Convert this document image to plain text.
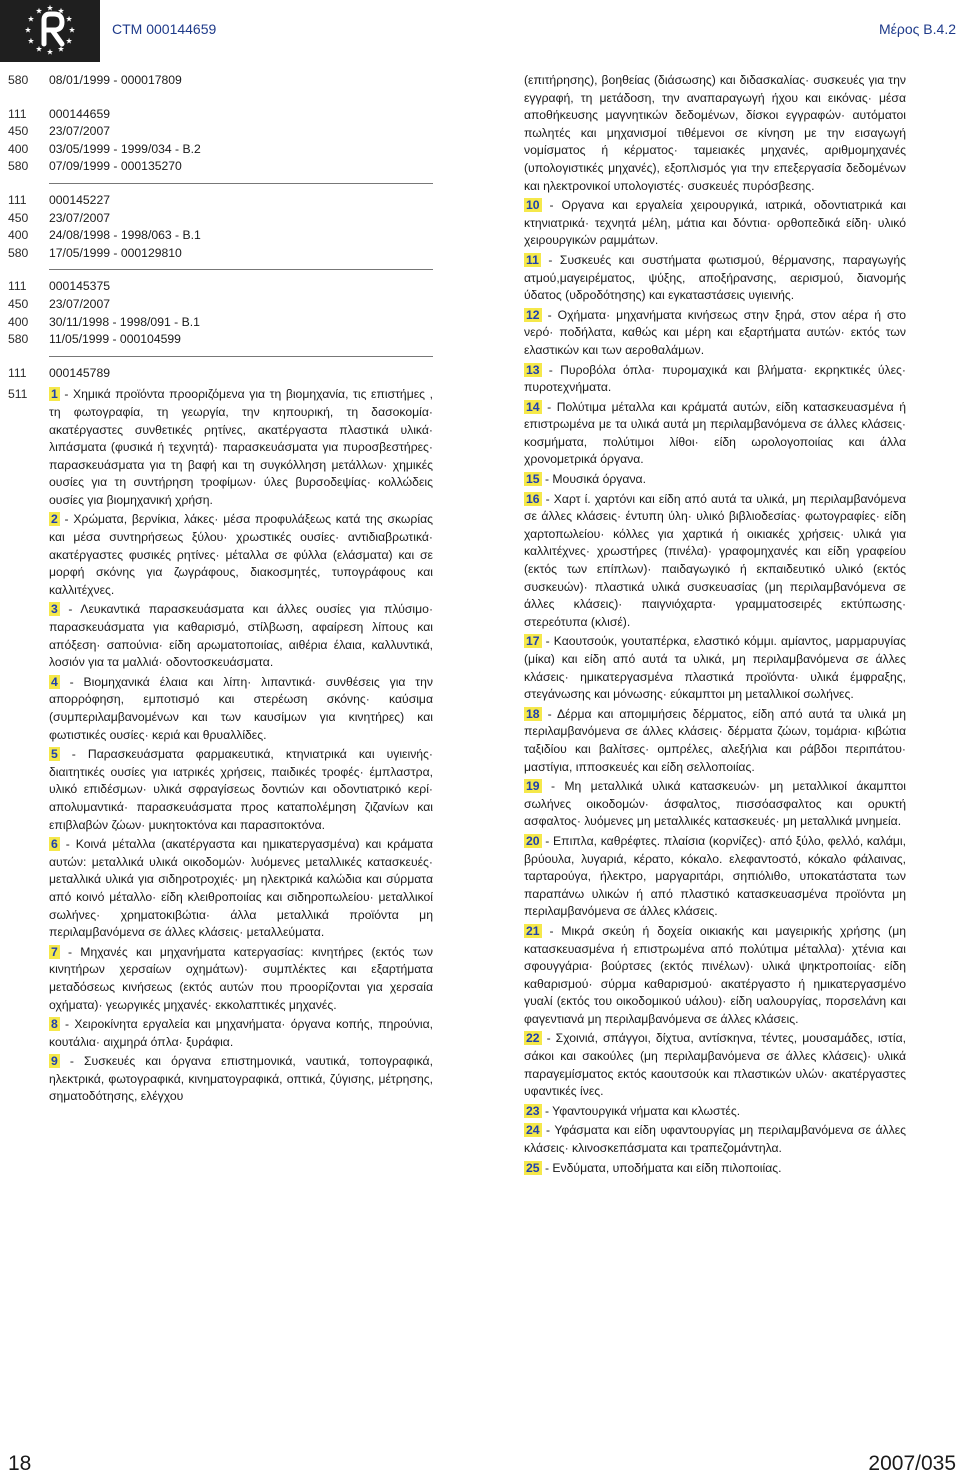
CTM 000144659	Μέρος Β.4.2
580	08/01/1999 - 000017809
111	000144659
450	23/07/2007
400	03/05/1999 - 1999/034 - B.2
580	07/09/1999 - 000135270
111	000145227
450	23/07/2007
400	24/08/1998 - 1998/063 - B.1
580	17/05/1999 - 000129810
111	000145375
450	23/07/2007
400	30/11/1998 - 1998/091 - B.1
580	11/05/1999 - 000104599
111	000145789
511	1 - Χημικά προϊόντα προοριζόμενα για τη βιομηχανία, τις επιστήμες , τη φωτογραφία, τη γεωργία, την κηπουρική, τη δασοκομία· ακατέργαστες συνθετικές ρητίνες, ακατέργαστα πλαστικά υλικά· λιπάσματα (φυσικά ή τεχνητά)· παρασκευάσματα για πυροσβεστήρες· παρασκευάσματα για τη βαφή και τη συγκόλληση μετάλλων· χημικές ουσίες για τη συντήρηση τροφίμων· ύλες βυρσοδεψίας· κολλώδεις ουσίες για βιομηχανική χρήση.
2 - Χρώματα, βερνίκια, λάκες· μέσα προφυλάξεως κατά της σκωρίας και μέσα συντηρήσεως ξύλου· χρωστικές ουσίες· αντιδιαβρωτικά· ακατέργαστες φυσικές ρητίνες· μέταλλα σε φύλλα (ελάσματα) και σε μορφή σκόνης για ζωγράφους, διακοσμητές, τυπογράφους και καλλιτέχνες.
3 - Λευκαντικά παρασκευάσματα και άλλες ουσίες για πλύσιμο· παρασκευάσματα για καθαρισμό, στίλβωση, αφαίρεση λίπους και απόξεση· σαπούνια· είδη αρωματοποιίας, αιθέρια έλαια, καλλυντικά, λοσιόν για τα μαλλιά· οδοντοσκευάσματα.
4 - Βιομηχανικά έλαια και λίπη· λιπαντικά· συνθέσεις για την απορρόφηση, εμποτισμό και στερέωση σκόνης· καύσιμα (συμπεριλαμβανομένων και των καυσίμων για κινητήρες) και φωτιστικές ουσίες· κεριά και θρυαλλίδες.
5 - Παρασκευάσματα φαρμακευτικά, κτηνιατρικά και υγιεινής· διαιτητικές ουσίες για ιατρικές χρήσεις, παιδικές τροφές· έμπλαστρα, υλικό επιδέσμων· υλικά σφραγίσεως δοντιών και οδοντιατρικό κερί· απολυμαντικά· παρασκευάσματα προς καταπολέμηση ζιζανίων και επιβλαβών ζώων· μυκητοκτόνα και παρασιτοκτόνα.
6 - Κοινά μέταλλα (ακατέργαστα και ημικατεργασμένα) και κράματα αυτών: μεταλλικά υλικά οικοδομών· λυόμενες μεταλλικές κατασκευές· μεταλλικά υλικά για σιδηροτροχιές· μη ηλεκτρικά καλώδια και σύρματα από κοινό μέταλλο· είδη κλειθροποιίας και σιδηροπωλείου· μεταλλικοί σωλήνες· χρηματοκιβώτια· άλλα μεταλλικά προϊόντα μη περιλαμβανόμενα σε άλλες κλάσεις· μεταλλεύματα.
7 - Μηχανές και μηχανήματα κατεργασίας: κινητήρες (εκτός των κινητήρων χερσαίων οχημάτων)· συμπλέκτες και εξαρτήματα μεταδόσεως κινήσεως (εκτός αυτών που προορίζονται για χερσαία οχήματα)· γεωργικές μηχανές· εκκολαπτικές μηχανές.
8 - Χειροκίνητα εργαλεία και μηχανήματα· όργανα κοπής, πηρούνια, κουτάλια· αιχμηρά όπλα· ξυράφια.
9 - Συσκευές και όργανα επιστημονικά, ναυτικά, τοπογραφικά, ηλεκτρικά, φωτογραφικά, κινηματογραφικά, οπτικά, ζύγισης, μέτρησης, σηματοδότησης, ελέγχου
(επιτήρησης), βοηθείας (διάσωσης) και διδασκαλίας· συσκευές για την εγγραφή, τη μετάδοση, την αναπαραγωγή ήχου και εικόνας· μέσα αποθήκευσης μαγνητικών δεδομένων, δίσκοι εγγραφών· αυτόματοι πωλητές και μηχανισμοί τιθέμενοι σε κίνηση με την εισαγωγή νομίσματος ή κέρματος· ταμειακές μηχανές, αριθμομηχανές (υπολογιστικές μηχανές), εξοπλισμός για την επεξεργασία δεδομένων και ηλεκτρονικοί υπολογιστές· συσκευές πυρόσβεσης.
10 - Οργανα και εργαλεία χειρουργικά, ιατρικά, οδοντιατρικά και κτηνιατρικά· τεχνητά μέλη, μάτια και δόντια· ορθοπεδικά είδη· υλικό χειρουργικών ραμμάτων.
11 - Συσκευές και συστήματα φωτισμού, θέρμανσης, παραγωγής ατμού,μαγειρέματος, ψύξης, αποξήρανσης, αερισμού, διανομής ύδατος (υδροδότησης) και εγκαταστάσεις υγιεινής.
12 - Οχήματα· μηχανήματα κινήσεως στην ξηρά, στον αέρα ή στο νερό· ποδήλατα, καθώς και μέρη και εξαρτήματα αυτών· εκτός των ελαστικών και των αεροθαλάμων.
13 - Πυροβόλα όπλα· πυρομαχικά και βλήματα· εκρηκτικές ύλες· πυροτεχνήματα.
14 - Πολύτιμα μέταλλα και κράματά αυτών, είδη κατασκευασμένα ή επιστρωμένα με τα υλικά αυτά μη περιλαμβανόμενα σε άλλες κλάσεις· κοσμήματα, πολύτιμοι λίθοι· είδη ωρολογοποιίας και άλλα χρονομετρικά όργανα.
15 - Μουσικά όργανα.
16 - Χαρτ ί. χαρτόνι και είδη από αυτά τα υλικά, μη περιλαμβανόμενα σε άλλες κλάσεις· έντυπη ύλη· υλικό βιβλιοδεσίας· φωτογραφίες· είδη χαρτοπωλείου· κόλλες για χαρτικά ή οικιακές χρήσεις· υλικά για καλλιτέχνες· χρωστήρες (πινέλα)· γραφομηχανές και είδη γραφείου (εκτός των επίπλων)· παιδαγωγικό ή εκπαιδευτικό υλικό (εκτός συσκευών)· πλαστικά υλικά συσκευασίας (μη περιλαμβανόμενα σε άλλες κλάσεις)· παιγνιόχαρτα· γραμματοσειρές εκτύπωσης· στερεότυπα (κλισέ).
17 - Καουτσούκ, γουταπέρκα, ελαστικό κόμμι. αμίαντος, μαρμαρυγίας (μίκα) και είδη από αυτά τα υλικά, μη περιλαμβανόμενα σε άλλες κλάσεις· ημικατεργασμένα πλαστικά προϊόντα· υλικά έμφραξης, στεγάνωσης και μόνωσης· εύκαμπτοι μη μεταλλικοί σωλήνες.
18 - Δέρμα και απομιμήσεις δέρματος, είδη από αυτά τα υλικά μη περιλαμβανόμενα σε άλλες κλάσεις· δέρματα ζώων, τομάρια· κιβώτια ταξιδίου και βαλίτσες· ομπρέλες, αλεξήλια και ράβδοι περιπάτου· μαστίγια, ιπποσκευές και είδη σελλοποιίας.
19 - Μη μεταλλικά υλικά κατασκευών· μη μεταλλικοί άκαμπτοι σωλήνες οικοδομών· άσφαλτος, πισσόασφαλτος και ορυκτή ασφαλτος· λυόμενες μη μεταλλικές κατασκευές· μη μεταλλικά μνημεία.
20 - Επιπλα, καθρέφτες. πλαίσια (κορνίζες)· από ξύλο, φελλό, καλάμι, βρύουλα, λυγαριά, κέρατο, κόκαλο. ελεφαντοστό, κόκαλο φάλαινας, ταρταρούγα, ήλεκτρο, μαργαριτάρι, σηπιόλιθο, υποκατάστατα των παραπάνω υλικών ή από πλαστικό κατασκευασμένα προϊόντα μη περιλαμβανόμενα σε άλλες κλάσεις.
21 - Μικρά σκεύη ή δοχεία οικιακής και μαγειρικής χρήσης (μη κατασκευασμένα ή επιστρωμένα από πολύτιμα μέταλλα)· χτένια και σφουγγάρια· βούρτσες (εκτός πινέλων)· υλικά ψηκτροποιίας· είδη καθαρισμού· σύρμα καθαρισμού· ακατέργαστο ή ημικατεργασμένο γυαλί (εκτός του οικοδομικού υάλου)· είδη υαλουργίας, πορσελάνη και φαγεντιανά μη περιλαμβανόμενα σε άλλες κλάσεις.
22 - Σχοινιά, σπάγγοι, δίχτυα, αντίσκηνα, τέντες, μουσαμάδες, ιστία, σάκοι και σακούλες (μη περιλαμβανόμενα σε άλλες κλάσεις)· υλικά παραγεμίσματος εκτός καουτσούκ και πλαστικών υλών· ακατέργαστες υφαντικές ίνες.
23 - Υφαντουργικά νήματα και κλωστές.
24 - Υφάσματα και είδη υφαντουργίας μη περιλαμβανόμενα σε άλλες κλάσεις· κλινοσκεπάσματα και τραπεζομάντηλα.
25 - Ενδύματα, υποδήματα και είδη πιλοποιίας.
18	2007/035
